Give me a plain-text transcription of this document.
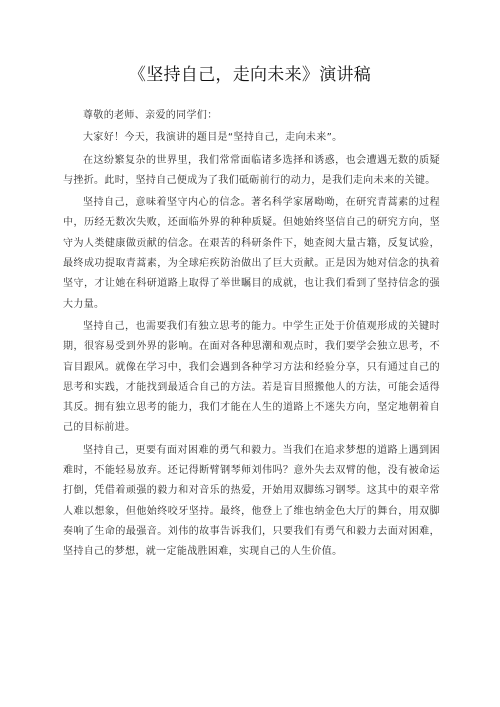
《坚持自己，走向未来》演讲稿

尊敬的老师、亲爱的同学们：

大家好！今天，我演讲的题目是“坚持自己，走向未来”。

在这纷繁复杂的世界里，我们常常面临诸多选择和诱惑，也会遭遇无数的质疑与挫折。此时，坚持自己便成为了我们砥砺前行的动力，是我们走向未来的关键。

坚持自己，意味着坚守内心的信念。著名科学家屠呦呦，在研究青蒿素的过程中，历经无数次失败，还面临外界的种种质疑。但她始终坚信自己的研究方向，坚守为人类健康做贡献的信念。在艰苦的科研条件下，她查阅大量古籍，反复试验，最终成功提取青蒿素，为全球疟疾防治做出了巨大贡献。正是因为她对信念的执着坚守，才让她在科研道路上取得了举世瞩目的成就，也让我们看到了坚持信念的强大力量。

坚持自己，也需要我们有独立思考的能力。中学生正处于价值观形成的关键时期，很容易受到外界的影响。在面对各种思潮和观点时，我们要学会独立思考，不盲目跟风。就像在学习中，我们会遇到各种学习方法和经验分享，只有通过自己的思考和实践，才能找到最适合自己的方法。若是盲目照搬他人的方法，可能会适得其反。拥有独立思考的能力，我们才能在人生的道路上不迷失方向，坚定地朝着自己的目标前进。

坚持自己，更要有面对困难的勇气和毅力。当我们在追求梦想的道路上遇到困难时，不能轻易放弃。还记得断臂钢琴师刘伟吗？意外失去双臂的他，没有被命运打倒，凭借着顽强的毅力和对音乐的热爱，开始用双脚练习钢琴。这其中的艰辛常人难以想象，但他始终咬牙坚持。最终，他登上了维也纳金色大厅的舞台，用双脚奏响了生命的最强音。刘伟的故事告诉我们，只要我们有勇气和毅力去面对困难，坚持自己的梦想，就一定能战胜困难，实现自己的人生价值。
